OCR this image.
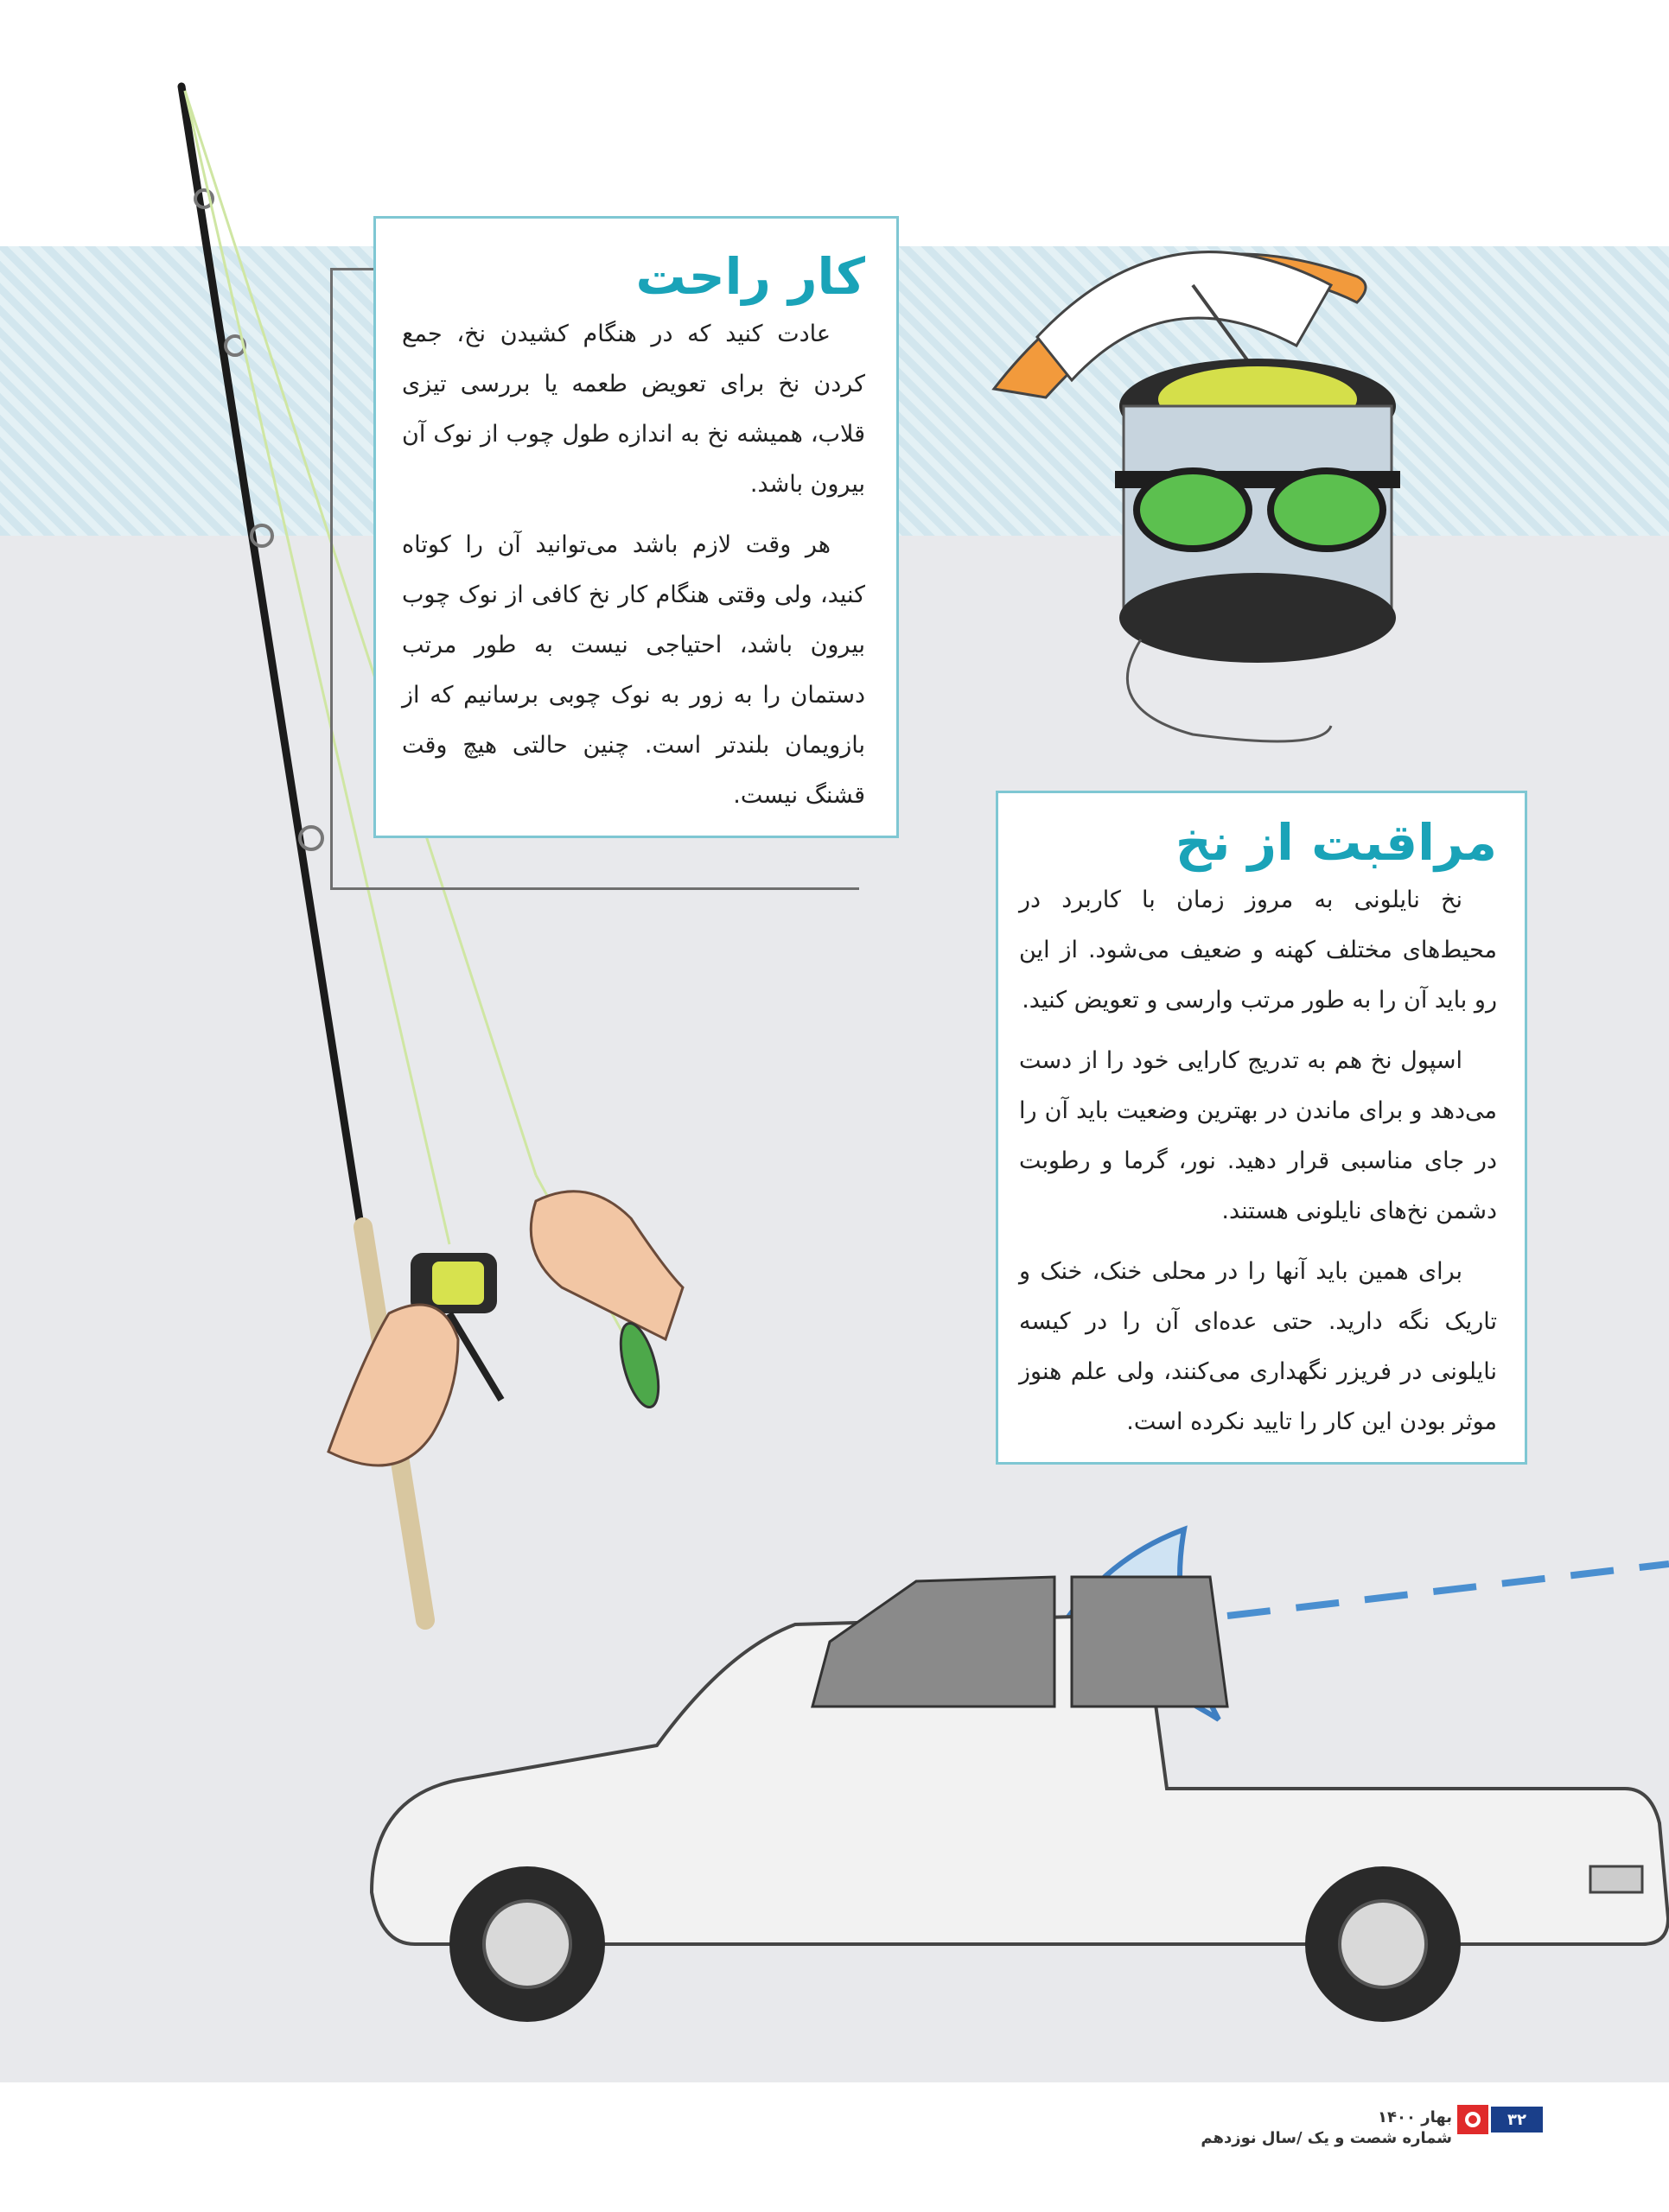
کار راحت

عادت کنید که در هنگام کشیدن نخ، جمع کردن نخ برای تعویض طعمه یا بررسی تیزی قلاب، همیشه نخ به اندازه طول چوب از نوک آن بیرون باشد.

هر وقت لازم باشد می‌توانید آن را کوتاه کنید، ولی وقتی هنگام کار نخ کافی از نوک چوب بیرون باشد، احتیاجی نیست به طور مرتب دستمان را به زور به نوک چوبی برسانیم که از بازویمان بلندتر است. چنین حالتی هیچ وقت قشنگ نیست.

مراقبت از نخ

نخ نایلونی به مروز زمان با کاربرد در محیط‌های مختلف کهنه و ضعیف می‌شود. از این رو باید آن را به طور مرتب وارسی و تعویض کنید.

اسپول نخ هم به تدریج کارایی خود را از دست می‌دهد و برای ماندن در بهترین وضعیت باید آن را در جای مناسبی قرار دهید. نور، گرما و رطوبت دشمن نخ‌های نایلونی هستند.

برای همین باید آنها را در محلی خنک، خنک و تاریک نگه دارید. حتی عده‌ای آن را در کیسه نایلونی در فریزر نگهداری می‌کنند، ولی علم هنوز موثر بودن این کار را تایید نکرده است.

بهار ۱۴۰۰
شماره شصت و یک /سال نوزدهم
۳۲
